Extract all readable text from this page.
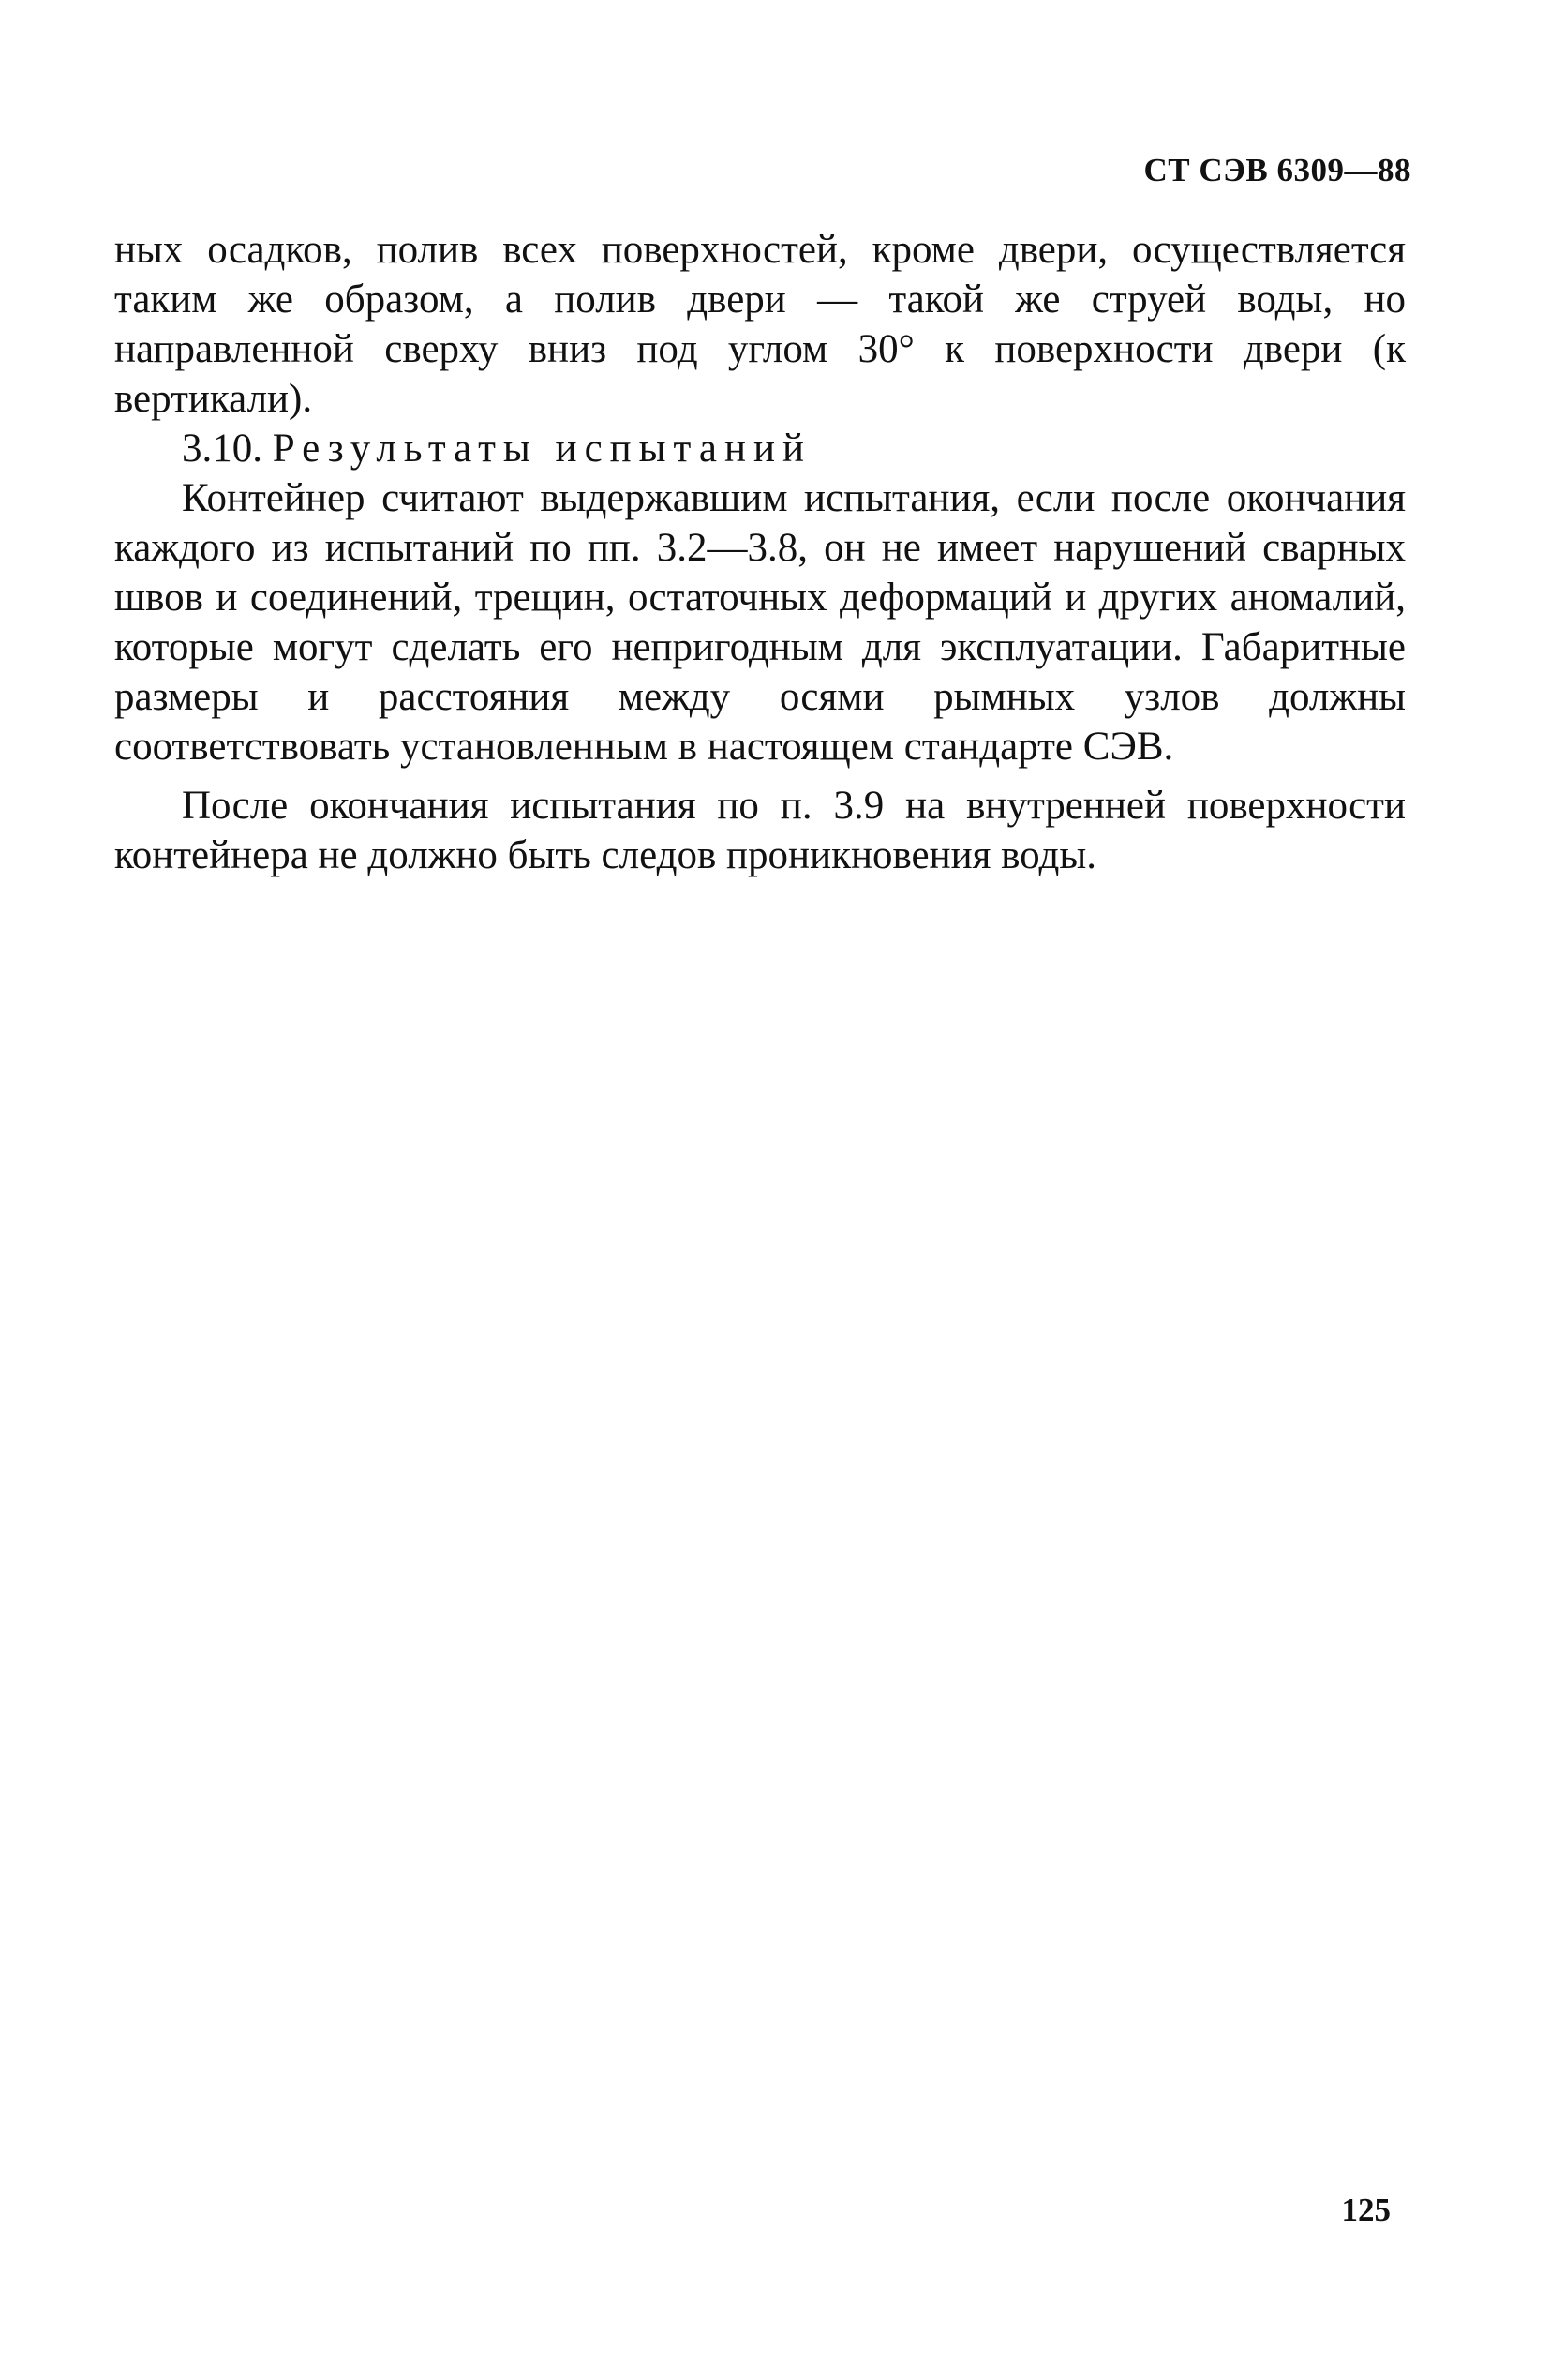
СТ СЭВ 6309—88

ных осадков, полив всех поверхностей, кроме двери, осуществляется таким же образом, а полив двери — такой же струей воды, но направленной сверху вниз под углом 30° к поверхности двери (к вертикали).

3.10. Результаты испытаний

Контейнер считают выдержавшим испытания, если после окончания каждого из испытаний по пп. 3.2—3.8, он не имеет нарушений сварных швов и соединений, трещин, остаточных деформаций и других аномалий, которые могут сделать его непригодным для эксплуатации. Габаритные размеры и расстояния между осями рымных узлов должны соответствовать установленным в настоящем стандарте СЭВ.

После окончания испытания по п. 3.9 на внутренней поверхности контейнера не должно быть следов проникновения воды.

125
